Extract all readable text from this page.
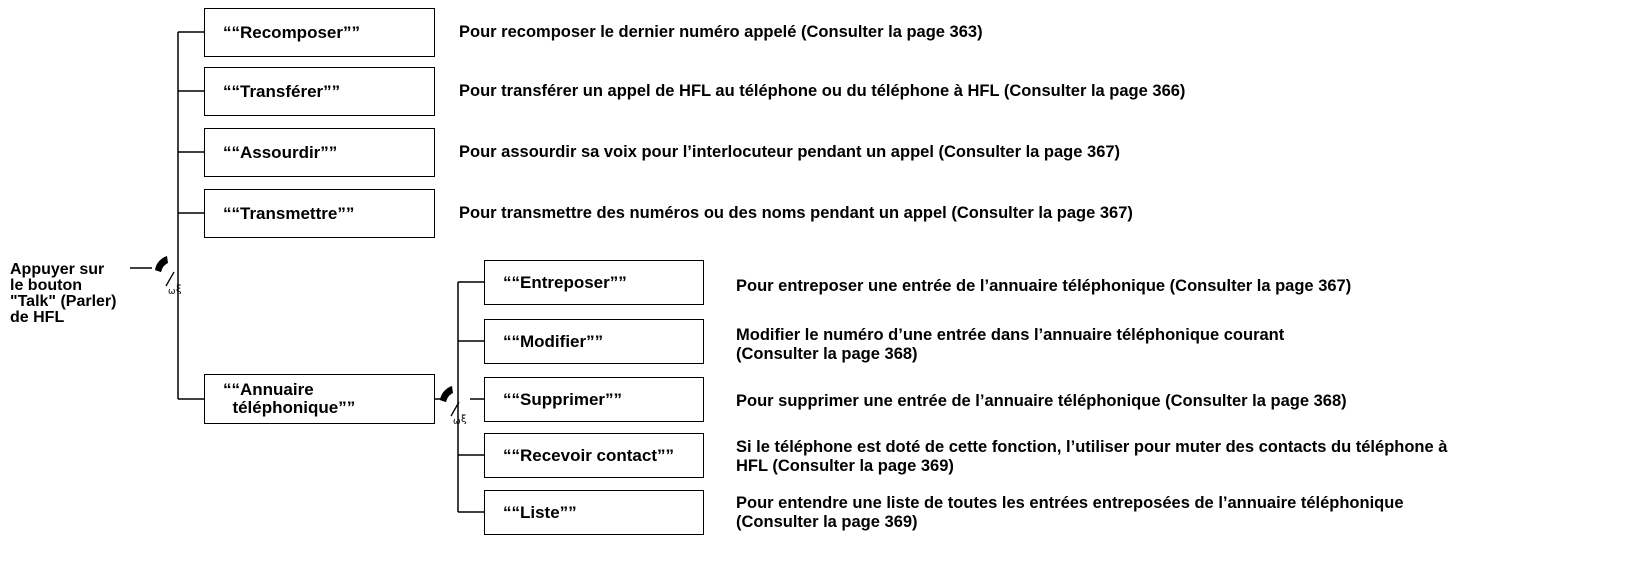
ω ξ
ω ξ
Appuyer sur
le bouton
"Talk" (Parler)
de HFL
““Recomposer””
““Transférer””
““Assourdir””
““Transmettre””
““Annuaire
téléphonique””
Pour recomposer le dernier numéro appelé (Consulter la page 363)
Pour transférer un appel de HFL au téléphone ou du téléphone à HFL (Consulter la page 366)
Pour assourdir sa voix pour l’interlocuteur pendant un appel (Consulter la page 367)
Pour transmettre des numéros ou des noms pendant un appel (Consulter la page 367)
““Entreposer””
““Modifier””
““Supprimer””
““Recevoir contact””
““Liste””
Pour entreposer une entrée de l’annuaire téléphonique (Consulter la page 367)
Modifier le numéro d’une entrée dans l’annuaire téléphonique courant
(Consulter la page 368)
Pour supprimer une entrée de l’annuaire téléphonique (Consulter la page 368)
Si le téléphone est doté de cette fonction, l’utiliser pour muter des contacts du téléphone à
HFL (Consulter la page 369)
Pour entendre une liste de toutes les entrées entreposées de l’annuaire téléphonique
(Consulter la page 369)
